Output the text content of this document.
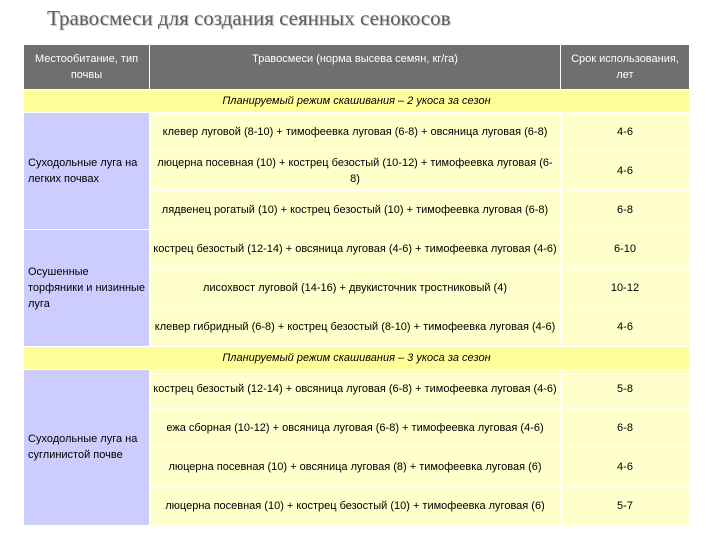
Травосмеси для создания сеянных сенокосов
Местообитание, тип почвы	Травосмеси (норма высева семян, кг/га)	Срок использования, лет
Планируемый режим скашивания – 2 укоса за сезон		
Суходольные луга на легких почвах	клевер луговой (8-10) + тимофеевка луговая (6-8) + овсяница луговая (6-8)	4-6
	люцерна посевная (10) + кострец безостый (10-12) + тимофеевка луговая (6-8)	4-6
	лядвенец рогатый (10) + кострец безостый (10) + тимофеевка луговая (6-8)	6-8
Осушенные торфяники и низинные луга	кострец безостый (12-14) + овсяница луговая (4-6) + тимофеевка луговая (4-6)	6-10
	лисохвост луговой (14-16) + двукисточник тростниковый (4)	10-12
	клевер гибридный (6-8) + кострец безостый (8-10) + тимофеевка луговая (4-6)	4-6
Планируемый режим скашивания – 3 укоса за сезон		
Суходольные луга на суглинистой почве	кострец безостый (12-14) + овсяница луговая (6-8) + тимофеевка луговая (4-6)	5-8
	ежа сборная (10-12) + овсяница луговая (6-8) + тимофеевка луговая (4-6)	6-8
	люцерна посевная (10) + овсяница луговая (8) + тимофеевка луговая (6)	4-6
	люцерна посевная (10) + кострец безостый (10) + тимофеевка луговая (6)	5-7
